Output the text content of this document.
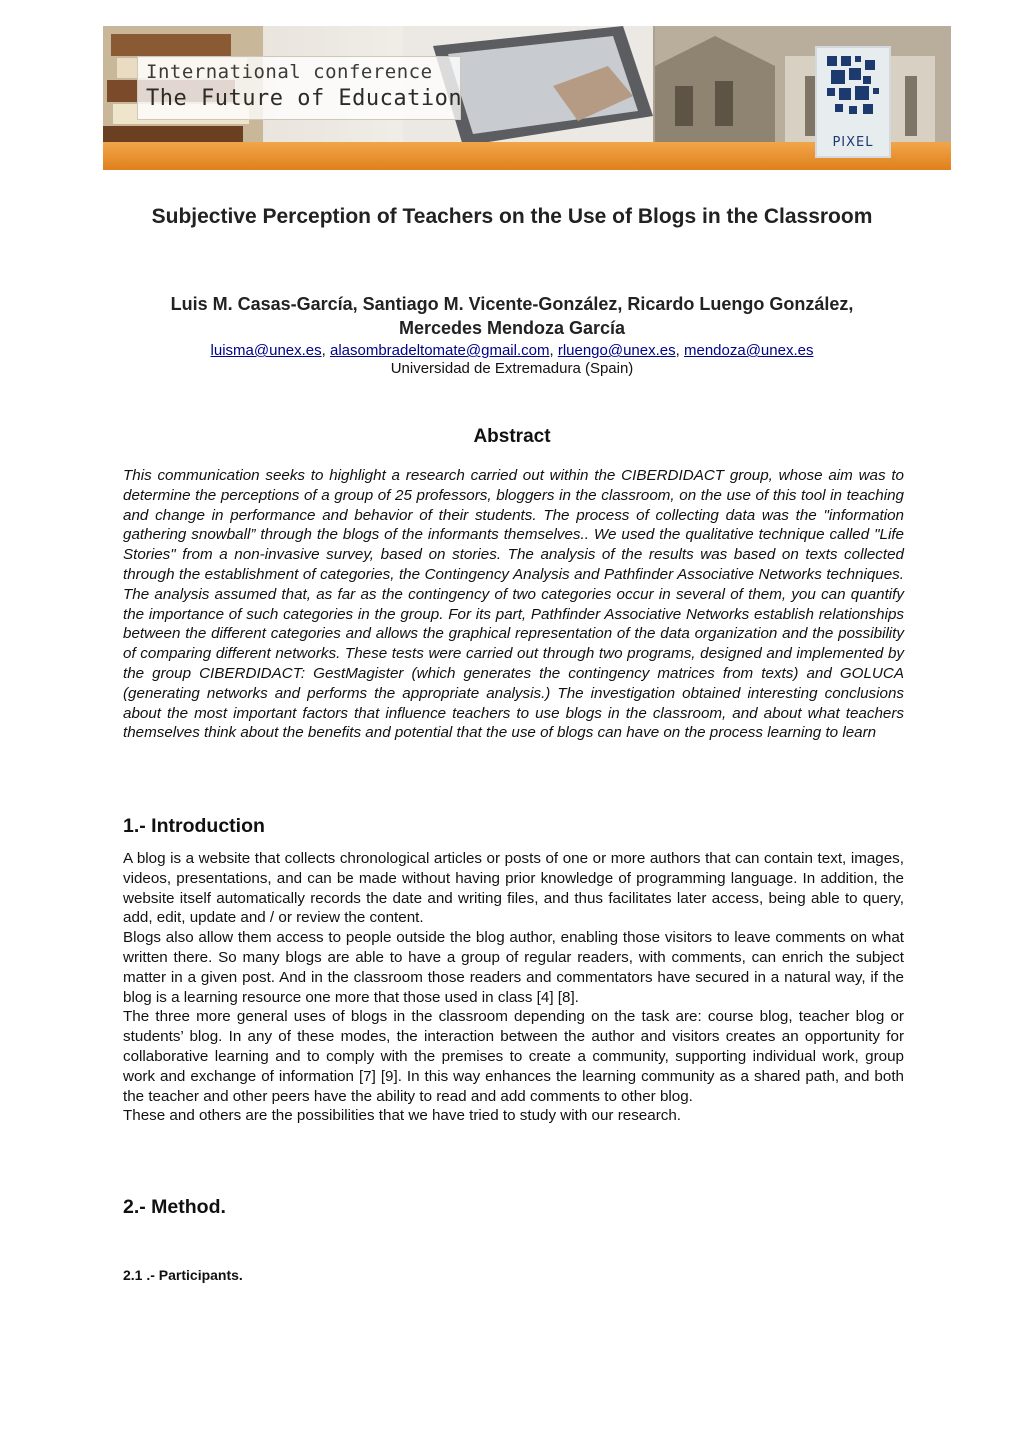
International conference
The Future of Education
PIXEL
Subjective Perception of Teachers on the Use of Blogs in the Classroom
Luis M. Casas-García, Santiago M. Vicente-González, Ricardo Luengo González, Mercedes Mendoza García
luisma@unex.es, alasombradeltomate@gmail.com, rluengo@unex.es, mendoza@unex.es
Universidad de Extremadura (Spain)
Abstract

This communication seeks to highlight a research carried out within the CIBERDIDACT group, whose aim was to determine the perceptions of a group of 25 professors, bloggers in the classroom, on the use of this tool in teaching and change in performance and behavior of their students. The process of collecting data was the "information gathering snowball” through the blogs of the informants themselves.. We used the qualitative technique called "Life Stories" from a non-invasive survey, based on stories. The analysis of the results was based on texts collected through the establishment of categories, the Contingency Analysis and Pathfinder Associative Networks techniques. The analysis assumed that, as far as the contingency of two categories occur in several of them, you can quantify the importance of such categories in the group. For its part, Pathfinder Associative Networks establish relationships between the different categories and allows the graphical representation of the data organization and the possibility of comparing different networks. These tests were carried out through two programs, designed and implemented by the group CIBERDIDACT: GestMagister (which generates the contingency matrices from texts) and GOLUCA (generating networks and performs the appropriate analysis.) The investigation obtained interesting conclusions about the most important factors that influence teachers to use blogs in the classroom, and about what teachers themselves think about the benefits and potential that the use of blogs can have on the process learning to learn

1.- Introduction

A blog is a website that collects chronological articles or posts of one or more authors that can contain text, images, videos, presentations, and can be made without having prior knowledge of programming language. In addition, the website itself automatically records the date and writing files, and thus facilitates later access, being able to query, add, edit, update and / or review the content.

Blogs also allow them access to people outside the blog author, enabling those visitors to leave comments on what written there. So many blogs are able to have a group of regular readers, with comments, can enrich the subject matter in a given post. And in the classroom those readers and commentators have secured in a natural way, if the blog is a learning resource one more that those used in class [4] [8].

The three more general uses of blogs in the classroom depending on the task are: course blog, teacher blog or students’ blog. In any of these modes, the interaction between the author and visitors creates an opportunity for collaborative learning and to comply with the premises to create a community, supporting individual work, group work and exchange of information [7] [9]. In this way enhances the learning community as a shared path, and both the teacher and other peers have the ability to read and add comments to other blog.

These and others are the possibilities that we have tried to study with our research.

2.- Method.
2.1 .- Participants.
